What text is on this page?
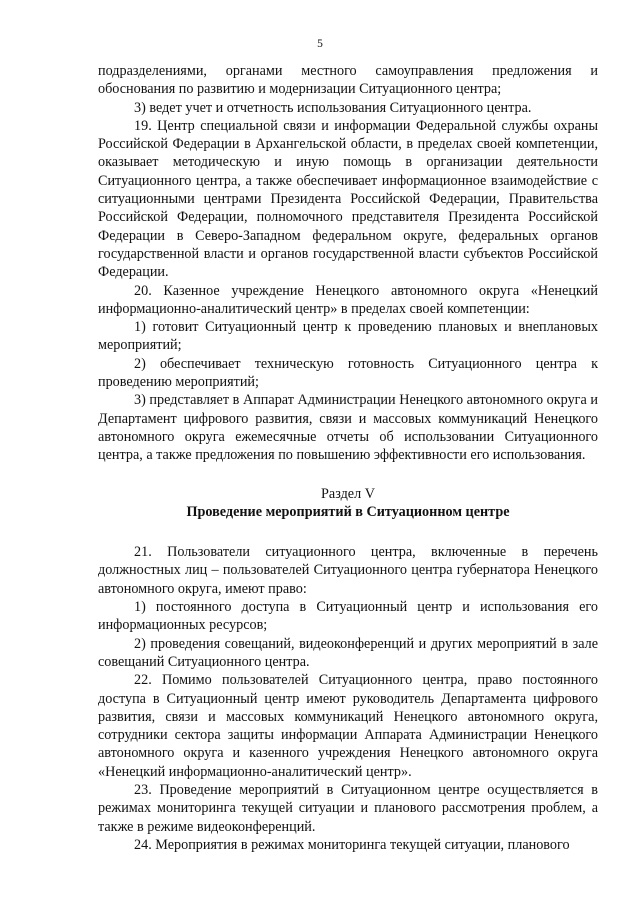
5

подразделениями, органами местного самоуправления предложения и обоснования по развитию и модернизации Ситуационного центра;

3) ведет учет и отчетность использования Ситуационного центра.

19. Центр специальной связи и информации Федеральной службы охраны Российской Федерации в Архангельской области, в пределах своей компетенции, оказывает методическую и иную помощь в организации деятельности Ситуационного центра, а также обеспечивает информационное взаимодействие с ситуационными центрами Президента Российской Федерации, Правительства Российской Федерации, полномочного представителя Президента Российской Федерации в Северо-Западном федеральном округе, федеральных органов государственной власти и органов государственной власти субъектов Российской Федерации.

20. Казенное учреждение Ненецкого автономного округа «Ненецкий информационно-аналитический центр» в пределах своей компетенции:

1) готовит Ситуационный центр к проведению плановых и внеплановых мероприятий;

2) обеспечивает техническую готовность Ситуационного центра к проведению мероприятий;

3) представляет в Аппарат Администрации Ненецкого автономного округа и Департамент цифрового развития, связи и массовых коммуникаций Ненецкого автономного округа ежемесячные отчеты об использовании Ситуационного центра, а также предложения по повышению эффективности его использования.

Раздел V

Проведение мероприятий в Ситуационном центре

21. Пользователи ситуационного центра, включенные в перечень должностных лиц – пользователей Ситуационного центра губернатора Ненецкого автономного округа, имеют право:

1) постоянного доступа в Ситуационный центр и использования его информационных ресурсов;

2) проведения совещаний, видеоконференций и других мероприятий в зале совещаний Ситуационного центра.

22. Помимо пользователей Ситуационного центра, право постоянного доступа в Ситуационный центр имеют руководитель Департамента цифрового развития, связи и массовых коммуникаций Ненецкого автономного округа, сотрудники сектора защиты информации Аппарата Администрации Ненецкого автономного округа и казенного учреждения Ненецкого автономного округа «Ненецкий информационно-аналитический центр».

23. Проведение мероприятий в Ситуационном центре осуществляется в режимах мониторинга текущей ситуации и планового рассмотрения проблем, а также в режиме видеоконференций.

24. Мероприятия в режимах мониторинга текущей ситуации, планового
